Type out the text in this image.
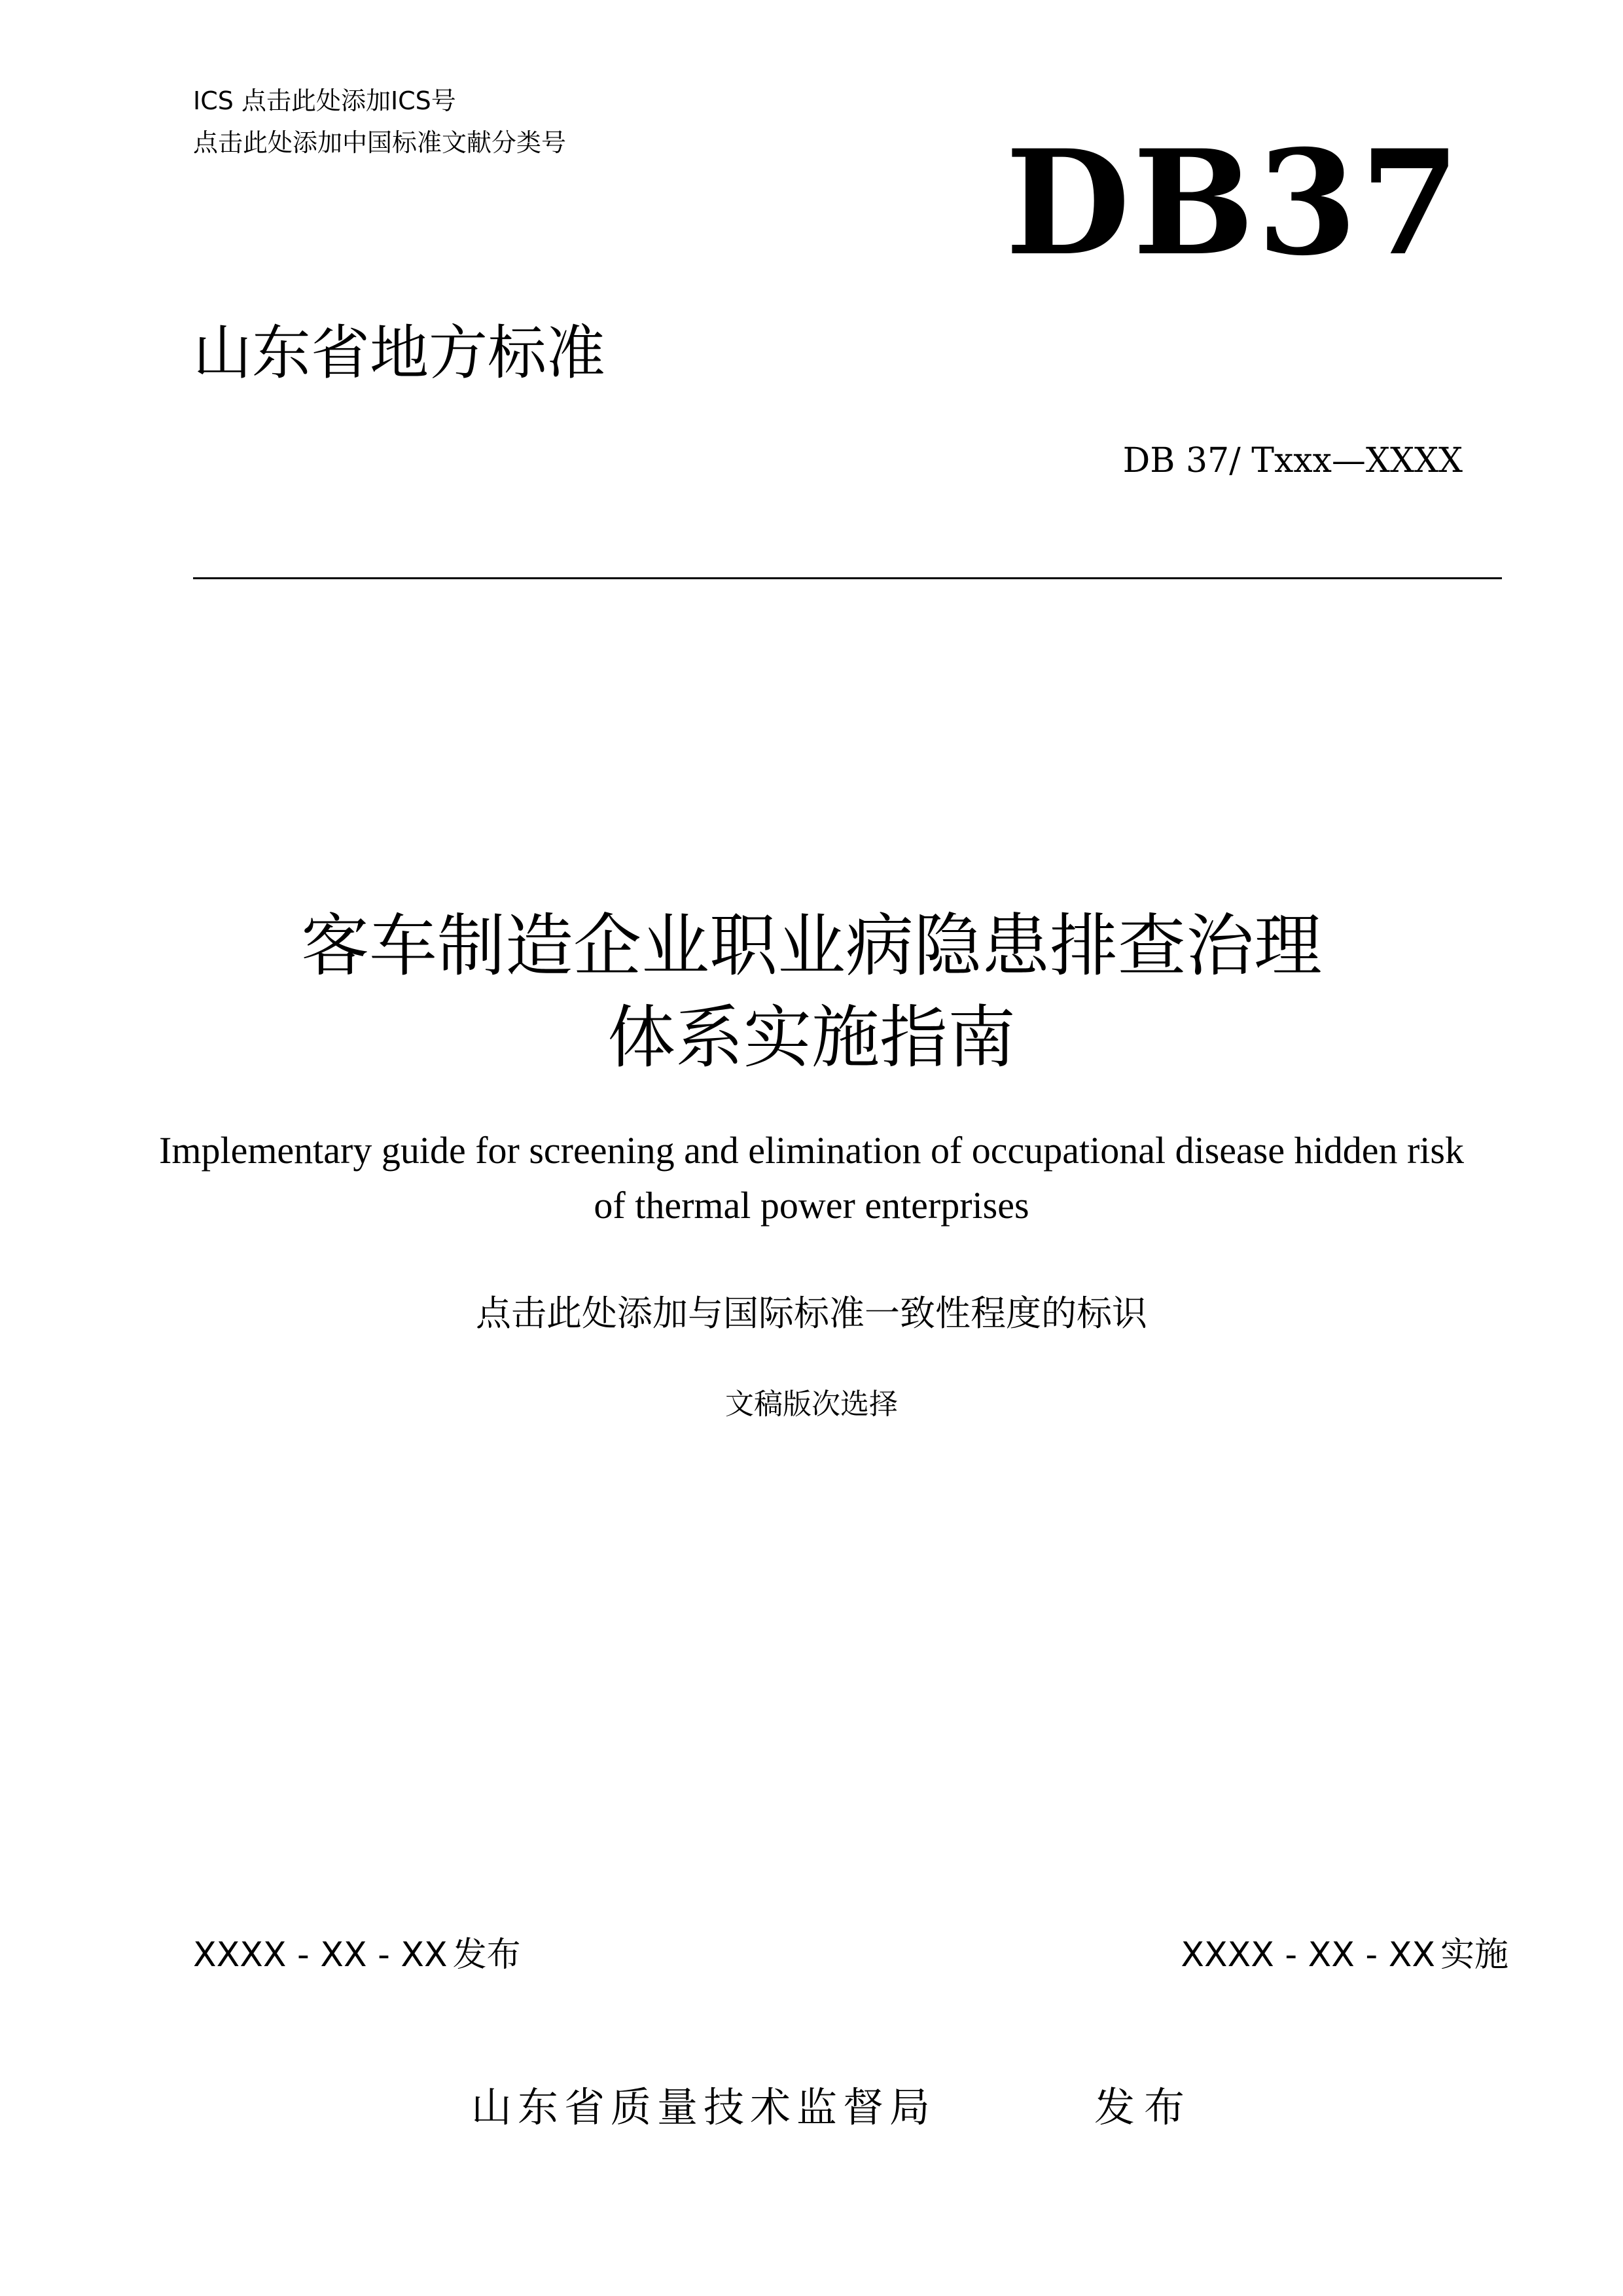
ICS 点击此处添加ICS号
点击此处添加中国标准文献分类号	DB37
山东省地方标准
DB 37/ Txxx—XXXX
客车制造企业职业病隐患排查治理
体系实施指南
Implementary guide for screening and elimination of occupational disease hidden risk
of thermal power enterprises
点击此处添加与国际标准一致性程度的标识
文稿版次选择
XXXX - XX - XX 发布	XXXX - XX - XX 实施
山东省质量技术监督局	发布
